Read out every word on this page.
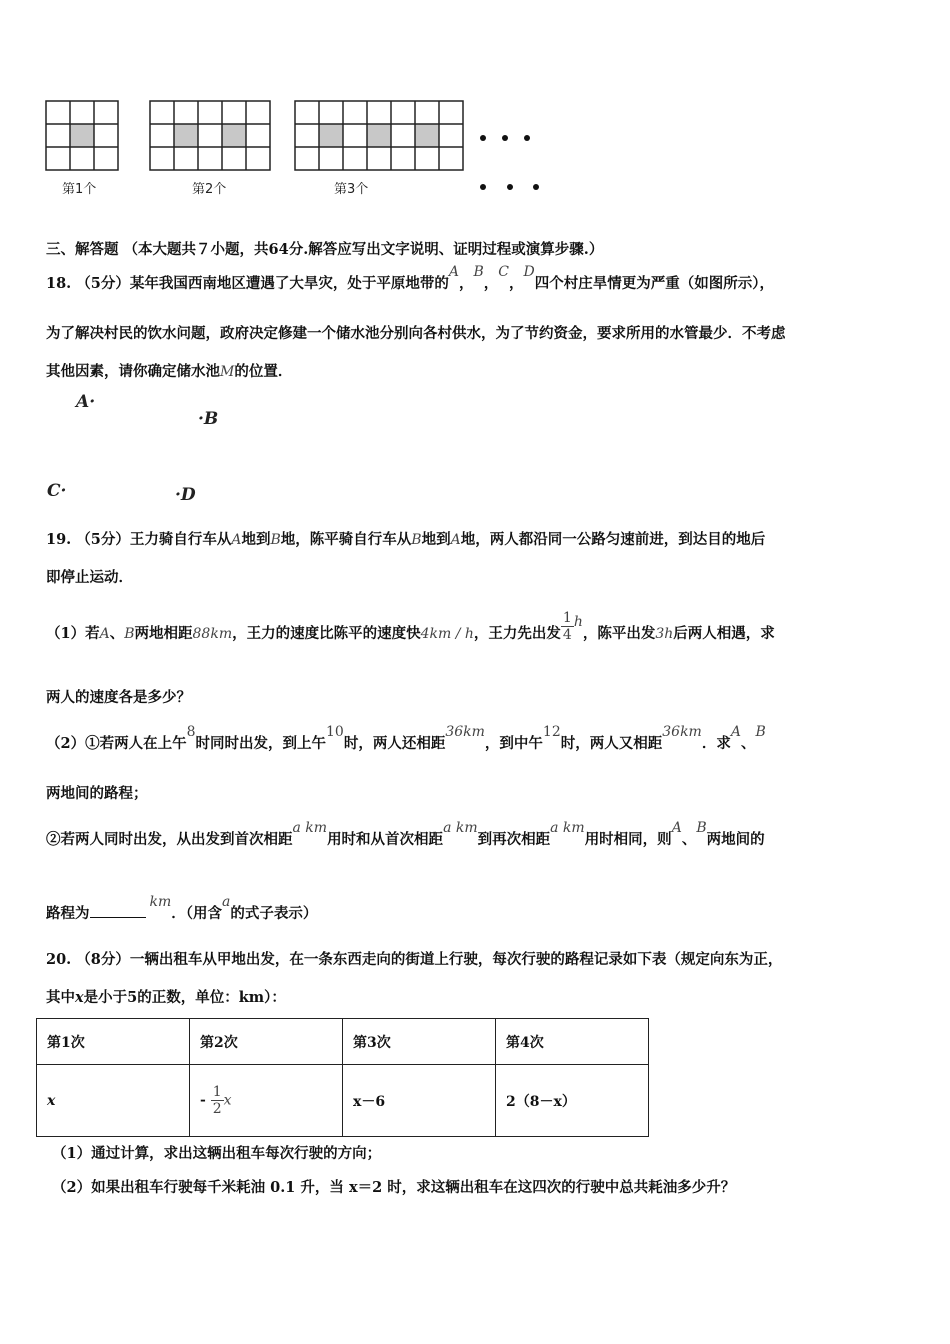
第1个	第2个	第3个
三、解答题 （本大题共７小题，共64分.解答应写出文字说明、证明过程或演算步骤.）
18. （5分）某年我国西南地区遭遇了大旱灾，处于平原地带的A，B，C，D四个村庄旱情更为严重（如图所示），
为了解决村民的饮水问题，政府决定修建一个储水池分别向各村供水，为了节约资金，要求所用的水管最少．不考虑
其他因素，请你确定储水池M的位置．
A·
·B
C·	·D
19. （5分）王力骑自行车从A地到B地，陈平骑自行车从B地到A地，两人都沿同一公路匀速前进，到达目的地后
即停止运动．
（1）若A、B两地相距88km，王力的速度比陈平的速度快4km / h，王力先出发 $\frac{1}{4}$ h，陈平出发3h后两人相遇，求
两人的速度各是多少？
（2）①若两人在上午8时同时出发，到上午10时，两人还相距36km，到中午12时，两人又相距36km．求A、B
两地间的路程；
②若两人同时出发，从出发到首次相距a km用时和从首次相距a km到再次相距a km用时相同，则A、B两地间的
路程为km．（用含a的式子表示）
20. （8分）一辆出租车从甲地出发，在一条东西走向的街道上行驶，每次行驶的路程记录如下表（规定向东为正，
其中x是小于5的正数，单位：km）：
第1次	第2次	第3次	第4次
x	- $\frac{1}{2}$ x	x－6	2（8－x）
（1）通过计算，求出这辆出租车每次行驶的方向；
（2）如果出租车行驶每千米耗油 0.1 升，当 x＝2 时，求这辆出租车在这四次的行驶中总共耗油多少升？
